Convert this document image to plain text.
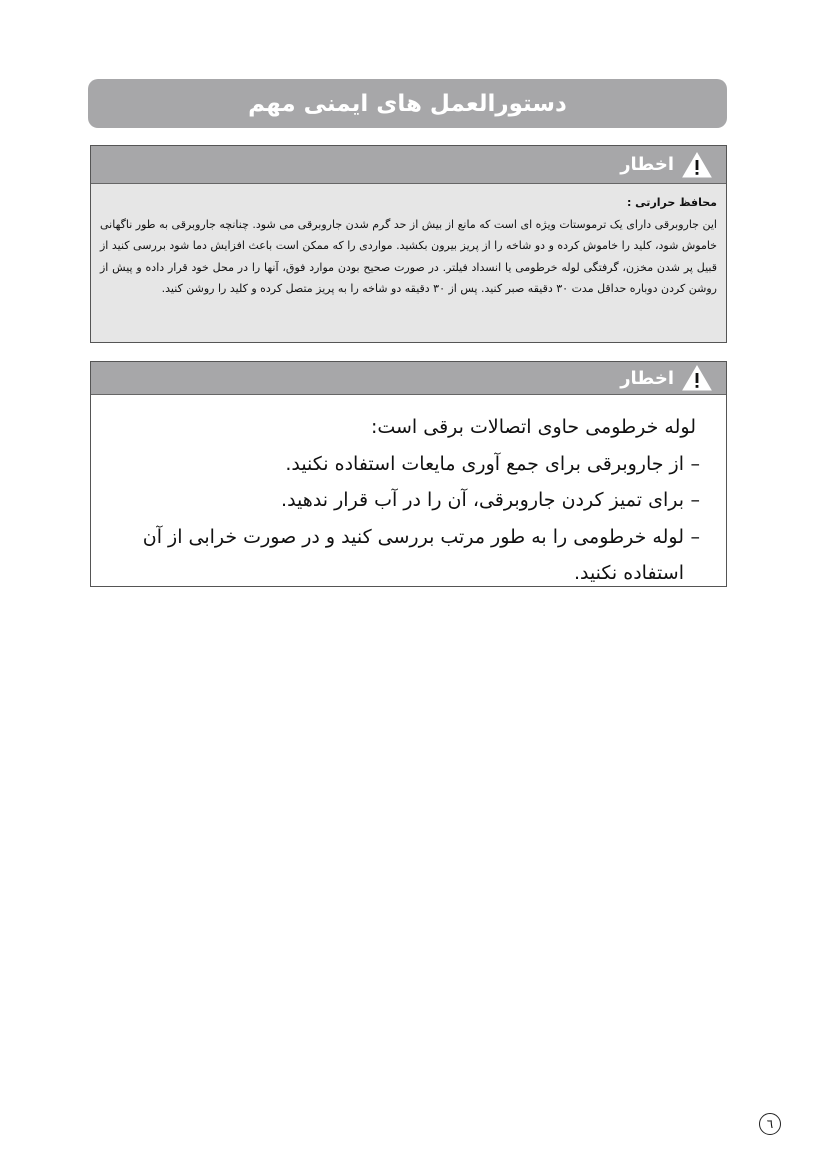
دستورالعمل های ایمنی مهم
اخطار
محافظ حرارتی :
این جاروبرقی دارای یک ترموستات ویژه ای است که مانع از بیش از حد گرم شدن جاروبرقی می شود. چنانچه جاروبرقی به طور ناگهانی خاموش شود، کلید را خاموش کرده و دو شاخه را از پریز بیرون بکشید. مواردی را که ممکن است باعث افزایش دما شود بررسی کنید از قبیل پر شدن مخزن، گرفتگی لوله خرطومی یا انسداد فیلتر. در صورت صحیح بودن موارد فوق، آنها را در محل خود قرار داده و پیش از روشن کردن دوباره حداقل مدت ۳۰ دقیقه صبر کنید. پس از ۳۰ دقیقه دو شاخه را به پریز متصل کرده و کلید را روشن کنید.
اخطار
لوله خرطومی حاوی اتصالات برقی است:
– از جاروبرقی برای جمع آوری مایعات استفاده نکنید.
– برای تمیز کردن جاروبرقی، آن را در آب قرار ندهید.
– لوله خرطومی را به طور مرتب بررسی کنید و در صورت خرابی از آن استفاده نکنید.
٦
